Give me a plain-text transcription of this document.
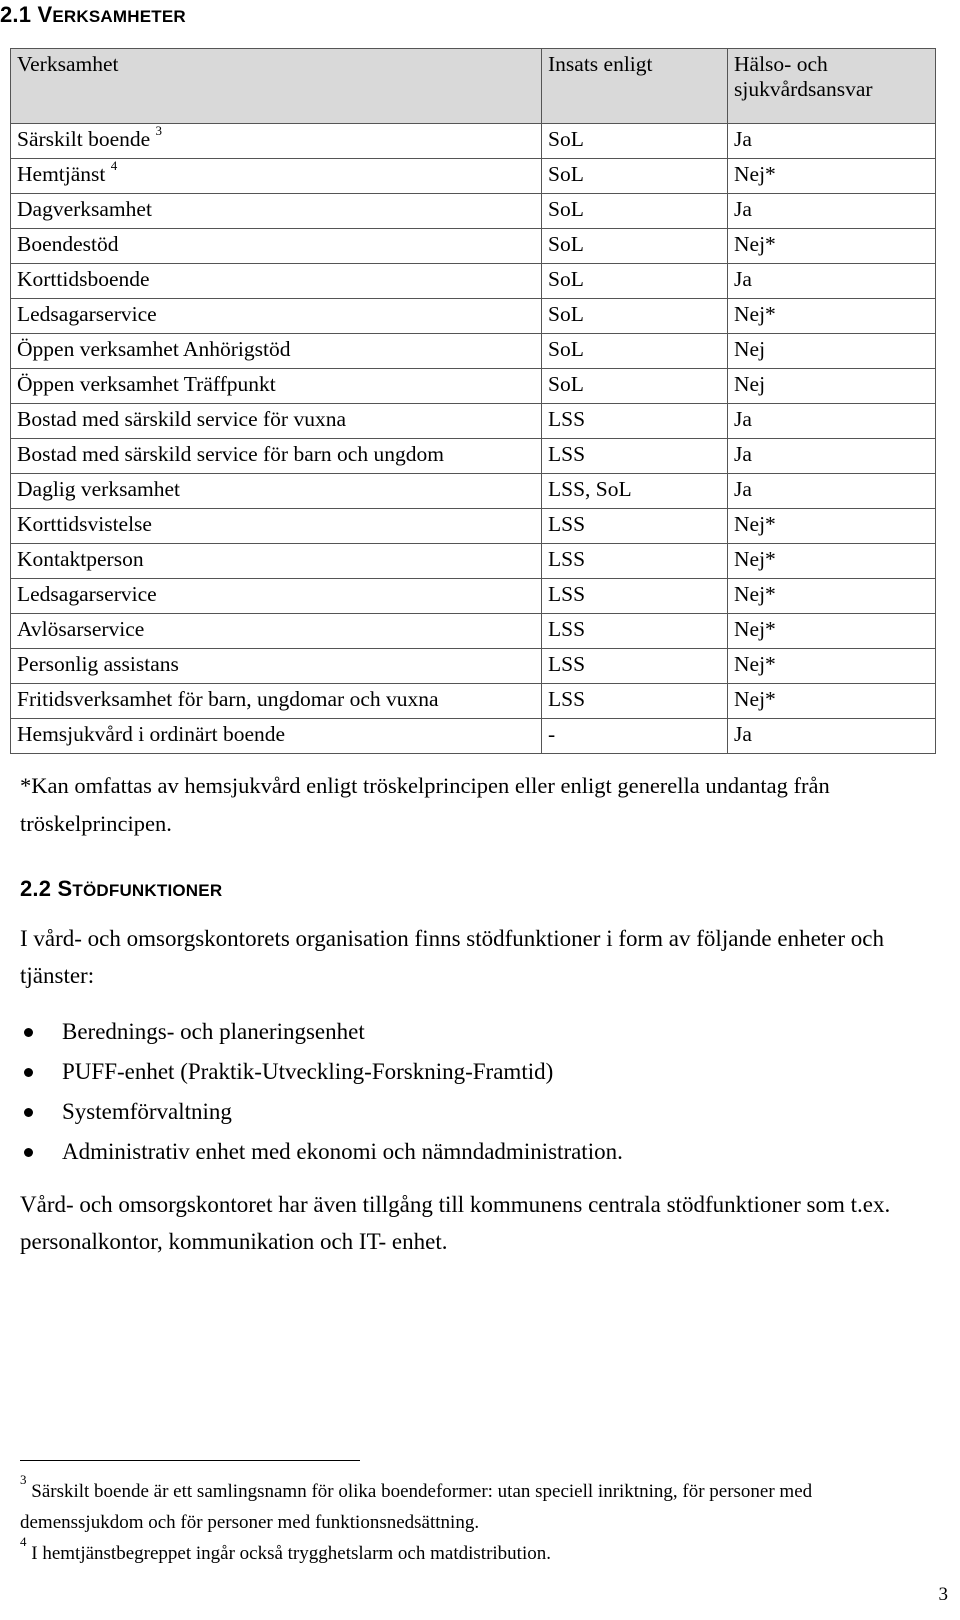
2.1 VERKSAMHETER
Verksamhet	Insats enligt	Hälso- och sjukvårdsansvar
Särskilt boende $^3$	SoL	Ja
Hemtjänst $^4$	SoL	Nej*
Dagverksamhet	SoL	Ja
Boendestöd	SoL	Nej*
Korttidsboende	SoL	Ja
Ledsagarservice	SoL	Nej*
Öppen verksamhet Anhörigstöd	SoL	Nej
Öppen verksamhet Träffpunkt	SoL	Nej
Bostad med särskild service för vuxna	LSS	Ja
Bostad med särskild service för barn och ungdom	LSS	Ja
Daglig verksamhet	LSS, SoL	Ja
Korttidsvistelse	LSS	Nej*
Kontaktperson	LSS	Nej*
Ledsagarservice	LSS	Nej*
Avlösarservice	LSS	Nej*
Personlig assistans	LSS	Nej*
Fritidsverksamhet för barn, ungdomar och vuxna	LSS	Nej*
Hemsjukvård i ordinärt boende	-	Ja
*Kan omfattas av hemsjukvård enligt tröskelprincipen eller enligt generella undantag från tröskelprincipen.
2.2 STÖDFUNKTIONER
I vård- och omsorgskontorets organisation finns stödfunktioner i form av följande enheter och tjänster:
Berednings- och planeringsenhet
PUFF-enhet (Praktik-Utveckling-Forskning-Framtid)
Systemförvaltning
Administrativ enhet med ekonomi och nämndadministration.
Vård- och omsorgskontoret har även tillgång till kommunens centrala stödfunktioner som t.ex. personalkontor, kommunikation och IT- enhet.
$^3$ Särskilt boende är ett samlingsnamn för olika boendeformer: utan speciell inriktning, för personer med demenssjukdom och för personer med funktionsnedsättning.
$^4$ I hemtjänstbegreppet ingår också trygghetslarm och matdistribution.
3
